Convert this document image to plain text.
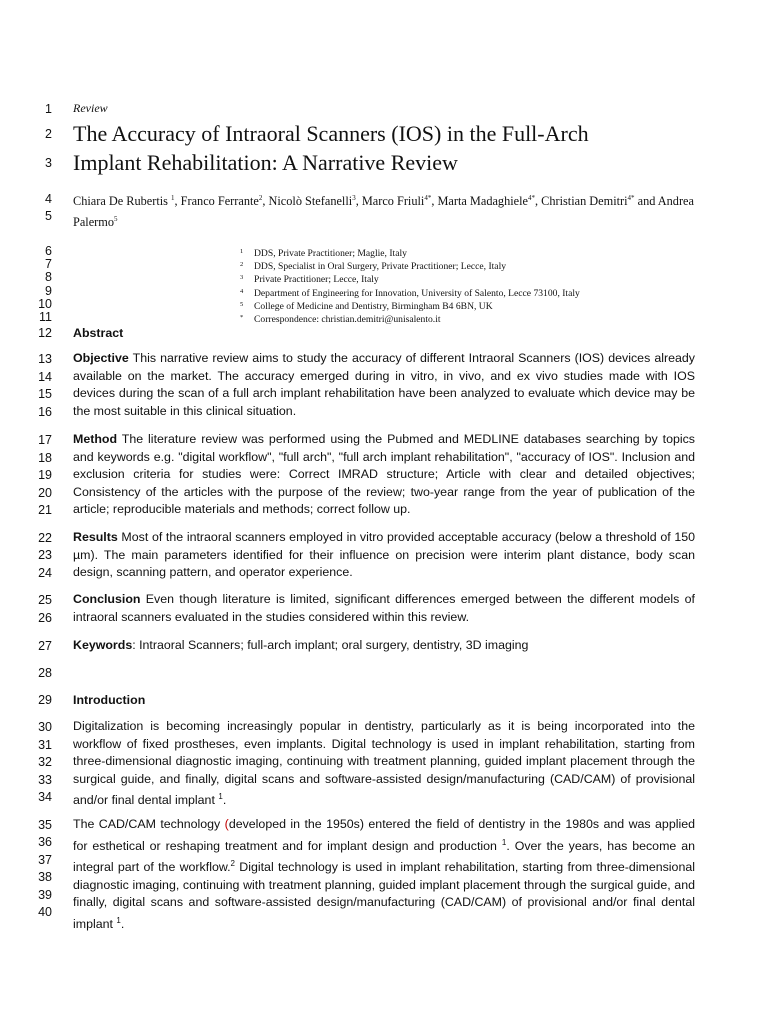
1
2
3
4
5
6
7
8
9
10
11
12
13
14
15
16
17
18
19
20
21
22
23
24
25
26
27
28
29
30
31
32
33
34
35
36
37
38
39
40
Review
The Accuracy of Intraoral Scanners (IOS) in the Full-Arch
Implant Rehabilitation: A Narrative Review
Chiara De Rubertis $^1$, Franco Ferrante$^2$, Nicolò Stefanelli$^3$, Marco Friuli$^{4*}$, Marta Madaghiele$^{4*}$, Christian Demitri$^{4*}$ and Andrea Palermo$^5$
$^1$ DDS, Private Practitioner; Maglie, Italy
$^2$ DDS, Specialist in Oral Surgery, Private Practitioner; Lecce, Italy
$^3$ Private Practitioner; Lecce, Italy
$^4$ Department of Engineering for Innovation, University of Salento, Lecce 73100, Italy
$^5$ College of Medicine and Dentistry, Birmingham B4 6BN, UK
* Correspondence: christian.demitri@unisalento.it
Abstract
Objective This narrative review aims to study the accuracy of different Intraoral Scanners (IOS) devices already available on the market. The accuracy emerged during in vitro, in vivo, and ex vivo studies made with IOS devices during the scan of a full arch implant rehabilitation have been analyzed to evaluate which device may be the most suitable in this clinical situation.
Method The literature review was performed using the Pubmed and MEDLINE databases searching by topics and keywords e.g. "digital workflow", "full arch", "full arch implant rehabilitation", "accuracy of IOS". Inclusion and exclusion criteria for studies were: Correct IMRAD structure; Article with clear and detailed objectives; Consistency of the articles with the purpose of the review; two-year range from the year of publication of the article; reproducible materials and methods; correct follow up.
Results Most of the intraoral scanners employed in vitro provided acceptable accuracy (below a threshold of 150 µm). The main parameters identified for their influence on precision were interim plant distance, body scan design, scanning pattern, and operator experience.
Conclusion Even though literature is limited, significant differences emerged between the different models of intraoral scanners evaluated in the studies considered within this review.
Keywords: Intraoral Scanners; full-arch implant; oral surgery, dentistry, 3D imaging
Introduction
Digitalization is becoming increasingly popular in dentistry, particularly as it is being incorporated into the workflow of fixed prostheses, even implants. Digital technology is used in implant rehabilitation, starting from three-dimensional diagnostic imaging, continuing with treatment planning, guided implant placement through the surgical guide, and finally, digital scans and software-assisted design/manufacturing (CAD/CAM) of provisional and/or final dental implant $^1$.
The CAD/CAM technology (developed in the 1950s) entered the field of dentistry in the 1980s and was applied for esthetical or reshaping treatment and for implant design and production $^1$. Over the years, has become an integral part of the workflow.$^2$ Digital technology is used in implant rehabilitation, starting from three-dimensional diagnostic imaging, continuing with treatment planning, guided implant placement through the surgical guide, and finally, digital scans and software-assisted design/manufacturing (CAD/CAM) of provisional and/or final dental implant $^1$.
